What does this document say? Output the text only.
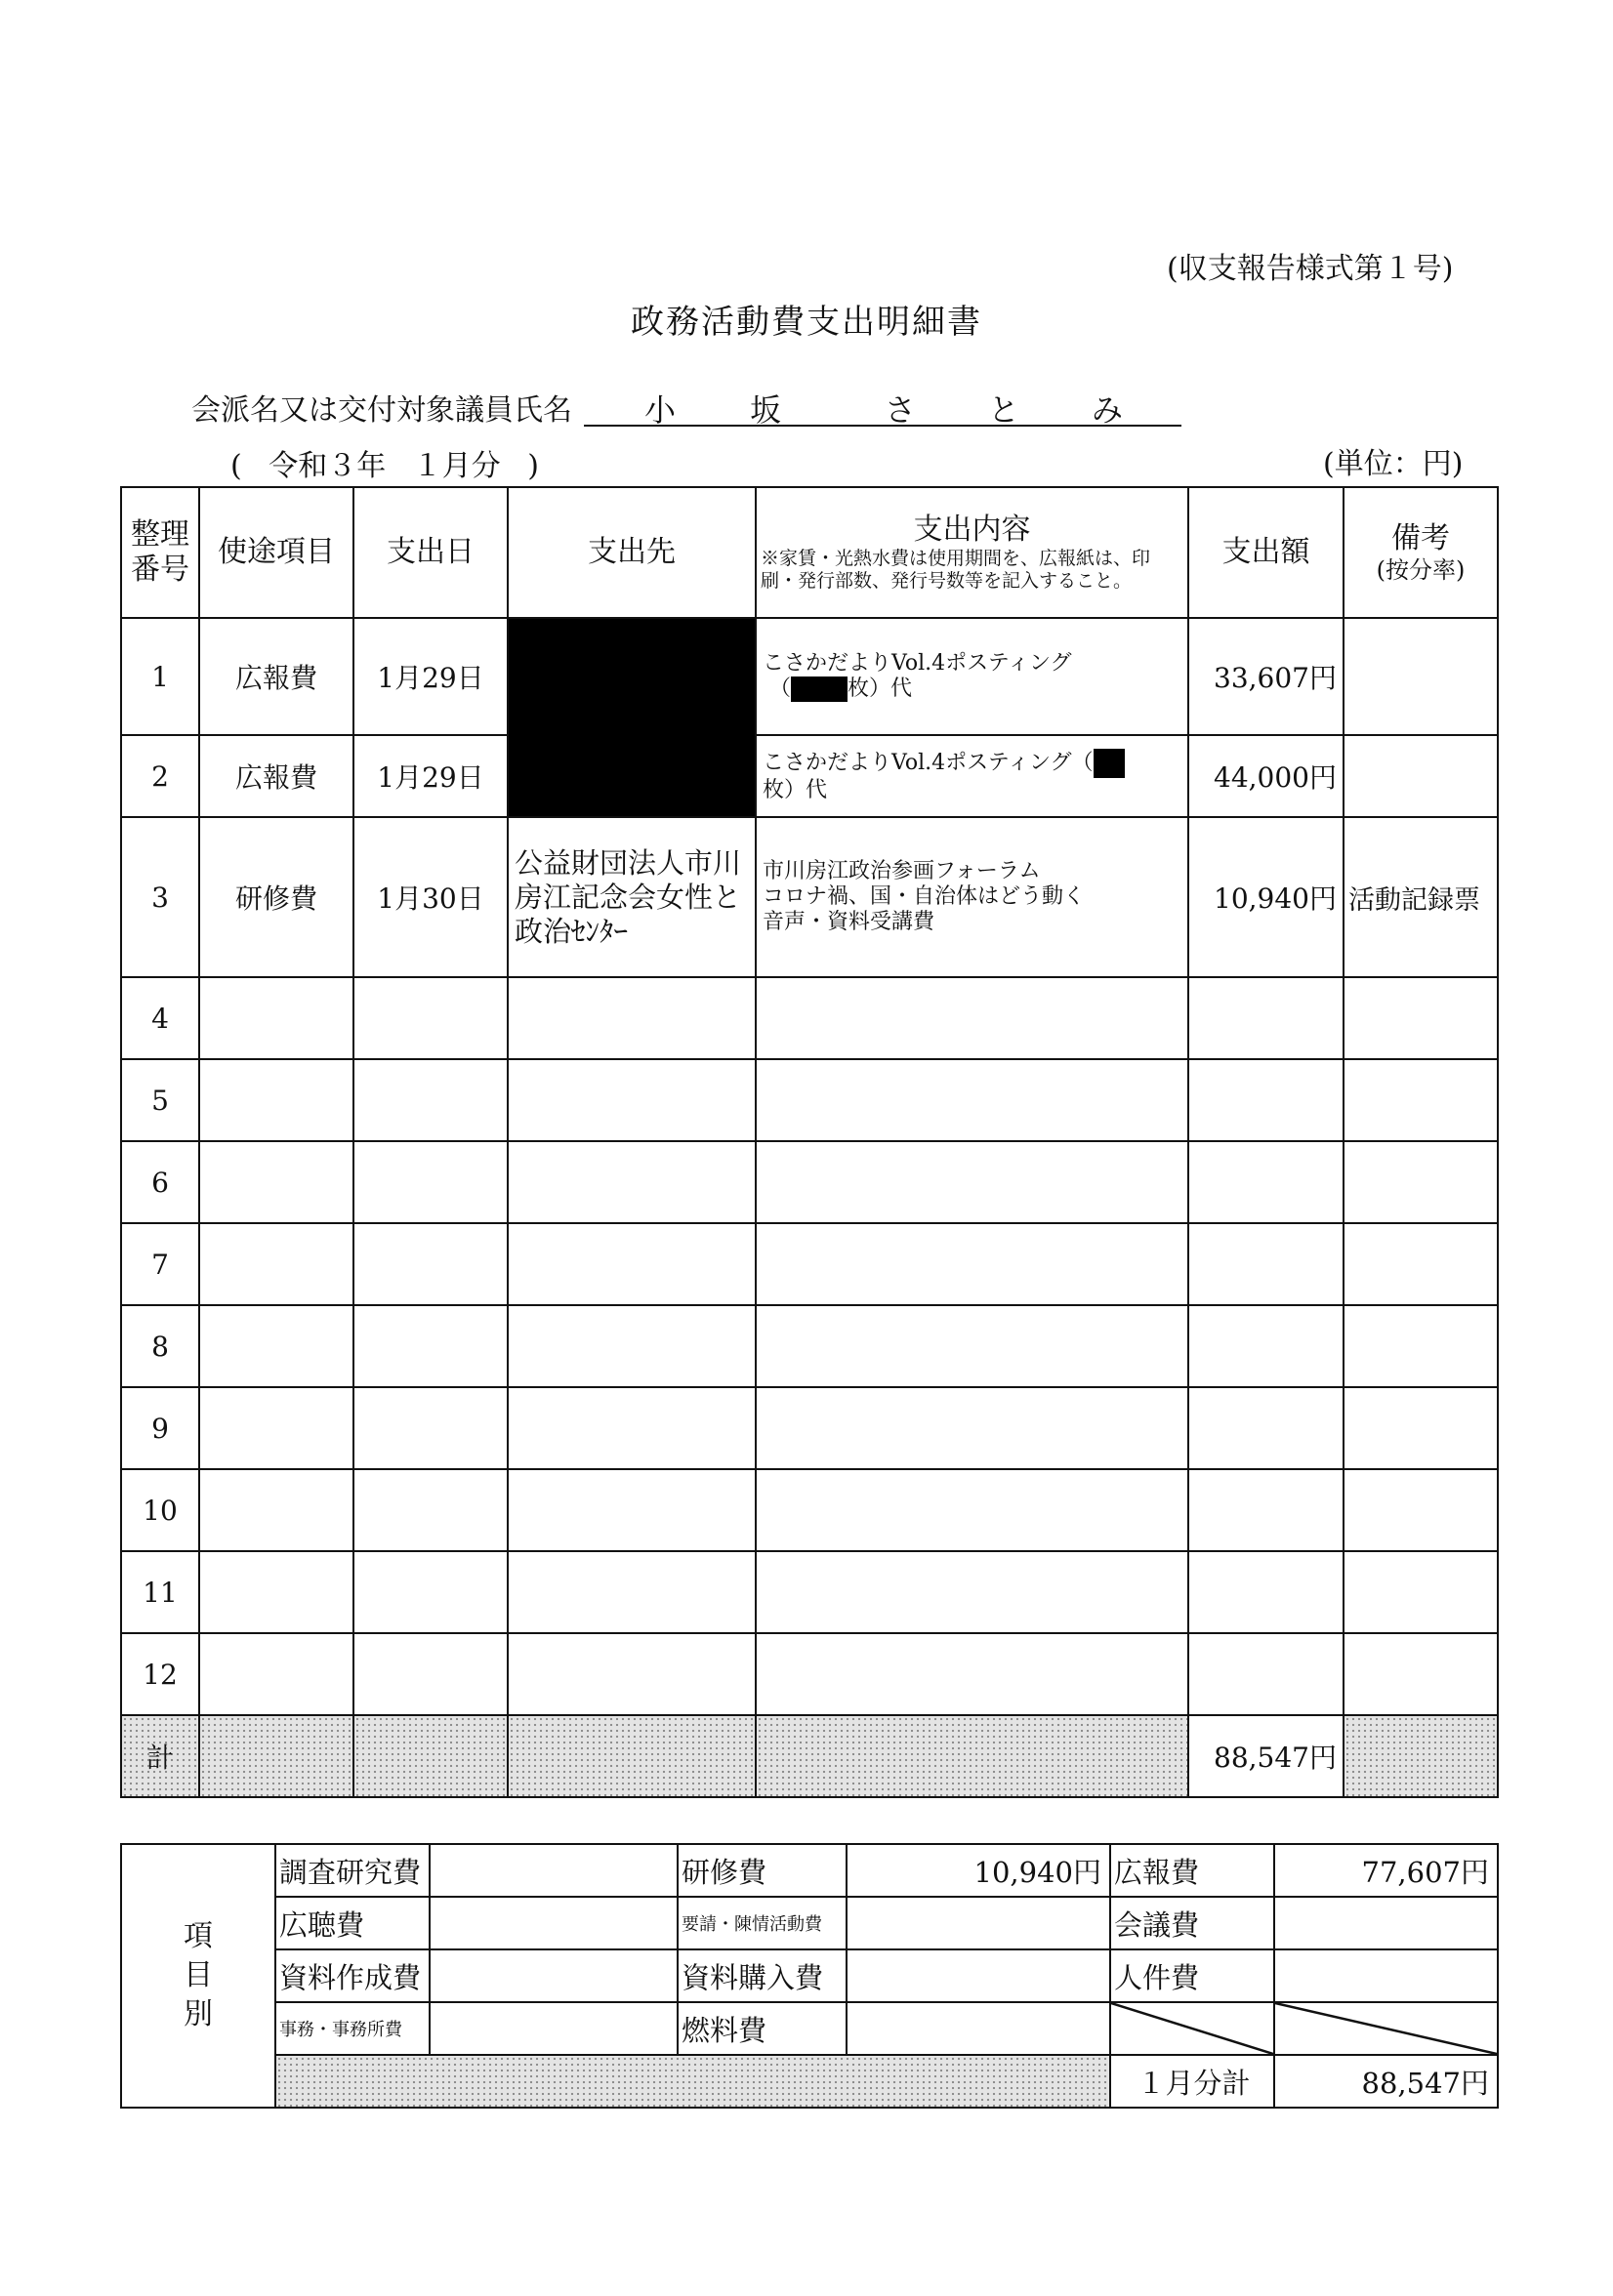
(収支報告様式第１号)
政務活動費支出明細書
会派名又は交付対象議員氏名 小 坂	さ と み
( 令和３年 １月分 )	(単位：円)
整理
番号	使途項目	支出日	支出先	支出内容
※家賃・光熱水費は使用期間を、広報紙は、印刷・発行部数、発行号数等を記入すること。	支出額	備考
(按分率)

1	広報費	1月29日		こさかだよりVol.4ポスティング
（ 枚）代	33,607円	
2	広報費	1月29日		こさかだよりVol.4ポスティング（
枚）代	44,000円	
3	研修費	1月30日	公益財団法人市川房江記念会女性と政治ｾﾝﾀｰ	市川房江政治参画フォーラム
コロナ禍、国・自治体はどう動く
音声・資料受講費	10,940円	活動記録票
4						
5						
6						
7						
8						
9						
10						
11						
12						
計					88,547円	
項
目
別	調査研究費		研修費	10,940円	広報費	77,607円
	広聴費		要請・陳情活動費		会議費	
	資料作成費		資料購入費		人件費	
	事務・事務所費		燃料費			
					１月分計	88,547円
